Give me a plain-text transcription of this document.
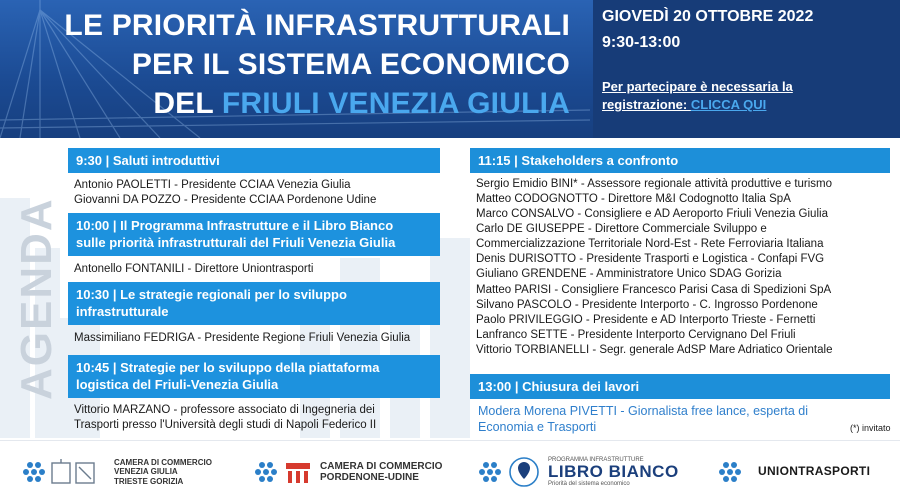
LE PRIORITÀ INFRASTRUTTURALI
PER IL SISTEMA ECONOMICO
DEL FRIULI VENEZIA GIULIA
GIOVEDÌ 20 OTTOBRE 2022
9:30-13:00
Per partecipare è necessaria la registrazione: CLICCA QUI
AGENDA
9:30 | Saluti introduttivi
Antonio PAOLETTI - Presidente CCIAA Venezia Giulia
Giovanni DA POZZO - Presidente CCIAA Pordenone Udine
10:00 | Il Programma Infrastrutture e il Libro Bianco
sulle priorità infrastrutturali del Friuli Venezia Giulia
Antonello FONTANILI - Direttore Uniontrasporti
10:30 | Le strategie regionali per lo sviluppo
infrastrutturale
Massimiliano FEDRIGA - Presidente Regione Friuli Venezia Giulia
10:45 | Strategie per lo sviluppo della piattaforma
logistica del Friuli-Venezia Giulia
Vittorio MARZANO - professore associato di Ingegneria dei
Trasporti presso l'Università degli studi di Napoli Federico II
11:15 | Stakeholders a confronto
Sergio Emidio BINI* - Assessore regionale attività produttive e turismo
Matteo CODOGNOTTO - Direttore M&I Codognotto Italia SpA
Marco CONSALVO - Consigliere e AD Aeroporto Friuli Venezia Giulia
Carlo DE GIUSEPPE - Direttore Commerciale Sviluppo e
Commercializzazione Territoriale Nord-Est - Rete Ferroviaria Italiana
Denis DURISOTTO - Presidente Trasporti e Logistica - Confapi FVG
Giuliano GRENDENE - Amministratore Unico SDAG Gorizia
Matteo PARISI - Consigliere Francesco Parisi Casa di Spedizioni SpA
Silvano PASCOLO - Presidente Interporto - C. Ingrosso Pordenone
Paolo PRIVILEGGIO - Presidente e AD Interporto Trieste - Fernetti
Lanfranco SETTE - Presidente Interporto Cervignano Del Friuli
Vittorio TORBIANELLI - Segr. generale AdSP Mare Adriatico Orientale
13:00 | Chiusura dei lavori
Modera Morena PIVETTI - Giornalista free lance, esperta di
Economia e Trasporti	(*) invitato
CAMERA DI COMMERCIO
VENEZIA GIULIA
TRIESTE GORIZIA
CAMERA DI COMMERCIO
PORDENONE-UDINE
PROGRAMMA INFRASTRUTTURE
LIBRO BIANCO
Priorità del sistema economico
UNIONTRASPORTI
